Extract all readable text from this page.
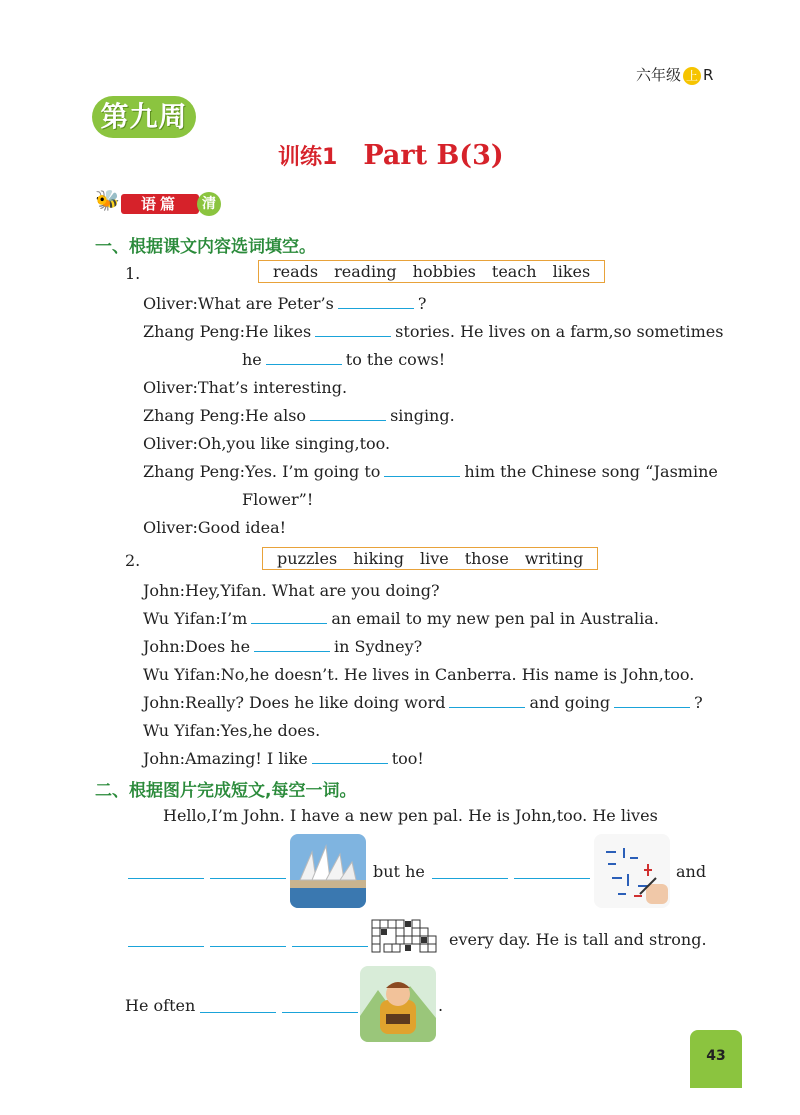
六年级 上 R
第九周
训练1 Part B(3)
🐝	语篇	清
一、根据课文内容选词填空。
1.	reads reading hobbies teach likes
Oliver:What are Peter’s	?
Zhang Peng:He likes	stories. He lives on a farm,so sometimes
he	to the cows!
Oliver:That’s interesting.
Zhang Peng:He also	singing.
Oliver:Oh,you like singing,too.
Zhang Peng:Yes. I’m going to	him the Chinese song “Jasmine
Flower”!
Oliver:Good idea!
2.	puzzles hiking live those writing
John:Hey,Yifan. What are you doing?
Wu Yifan:I’m	an email to my new pen pal in Australia.
John:Does he	in Sydney?
Wu Yifan:No,he doesn’t. He lives in Canberra. His name is John,too.
John:Really? Does he like doing word	and going	?
Wu Yifan:Yes,he does.
John:Amazing! I like	too!
二、根据图片完成短文,每空一词。
Hello,I’m John. I have a new pen pal. He is John,too. He lives
but he	and
every day. He is tall and strong.
He often	.
43
